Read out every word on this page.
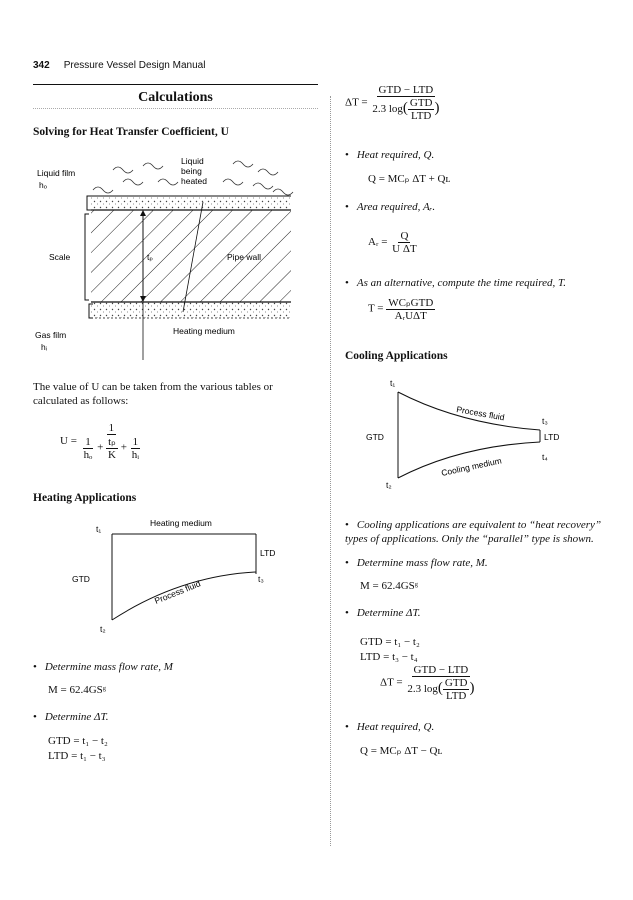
342 Pressure Vessel Design Manual
Calculations
Solving for Heat Transfer Coefficient, U
Liquid
being
heated
Liquid film
hₒ
Scale	tₚ	Pipe wall
Gas film
hᵢ
Heating medium
The value of U can be taken from the various tables or calculated as follows:
$U = \frac{1}{\frac{1}{\text{hₒ}} + \frac{\text{tₚ}}{K} + \frac{1}{\text{hᵢ}}}$
Heating Applications
Heating medium
t₁
LTD
t₃
GTD
t₂
Process fluid
• Determine mass flow rate, M
M = 62.4GSᵍ
• Determine ΔT.
GTD = t₁ − t₂
LTD = t₁ − t₃
$\Delta T = \frac{\text{GTD − LTD}}{2.3 \log( \frac{\text{GTD}}{\text{LTD}} )}$
• Heat required, Q.
Q = MCₚ ΔT + Qʟ
• Area required, Aᵣ.
Aᵣ = $\frac{Q}{\text{U ΔT}}$
• As an alternative, compute the time required, T.
$T = \frac{\text{WCₚGTD}}{\text{AᵣUΔT}}$
Cooling Applications
t₁
Process fluid
Cooling medium
GTD
t₃
LTD
t₄
t₂
• Cooling applications are equivalent to “heat recovery” types of applications. Only the “parallel” type is shown.
• Determine mass flow rate, M.
M = 62.4GSᵍ
• Determine ΔT.
GTD = t₁ − t₂
LTD = t₃ − t₄
$\Delta T = \frac{\text{GTD − LTD}}{2.3 \log( \frac{\text{GTD}}{\text{LTD}} )}$
• Heat required, Q.
Q = MCₚ ΔT − Qʟ
